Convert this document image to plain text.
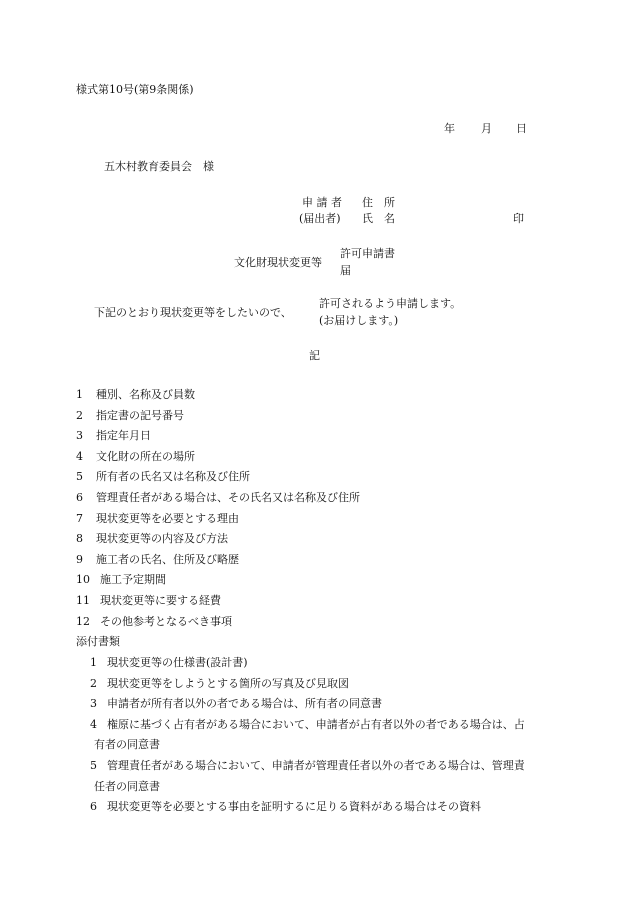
様式第10号(第9条関係)
年 月 日
五木村教育委員会　様
申 請 者 住　所
(届出者) 氏　名	印
文化財現状変更等
許可申請書
届
下記のとおり現状変更等をしたいので、
許可されるよう申請します。
(お届けします。)
記
1 種別、名称及び員数
2 指定書の記号番号
3 指定年月日
4 文化財の所在の場所
5 所有者の氏名又は名称及び住所
6 管理責任者がある場合は、その氏名又は名称及び住所
7 現状変更等を必要とする理由
8 現状変更等の内容及び方法
9 施工者の氏名、住所及び略歴
10 施工予定期間
11 現状変更等に要する経費
12 その他参考となるべき事項
添付書類
1 現状変更等の仕様書(設計書)
2 現状変更等をしようとする箇所の写真及び見取図
3 申請者が所有者以外の者である場合は、所有者の同意書
4 権原に基づく占有者がある場合において、申請者が占有者以外の者である場合は、占
有者の同意書
5 管理責任者がある場合において、申請者が管理責任者以外の者である場合は、管理責
任者の同意書
6 現状変更等を必要とする事由を証明するに足りる資料がある場合はその資料
